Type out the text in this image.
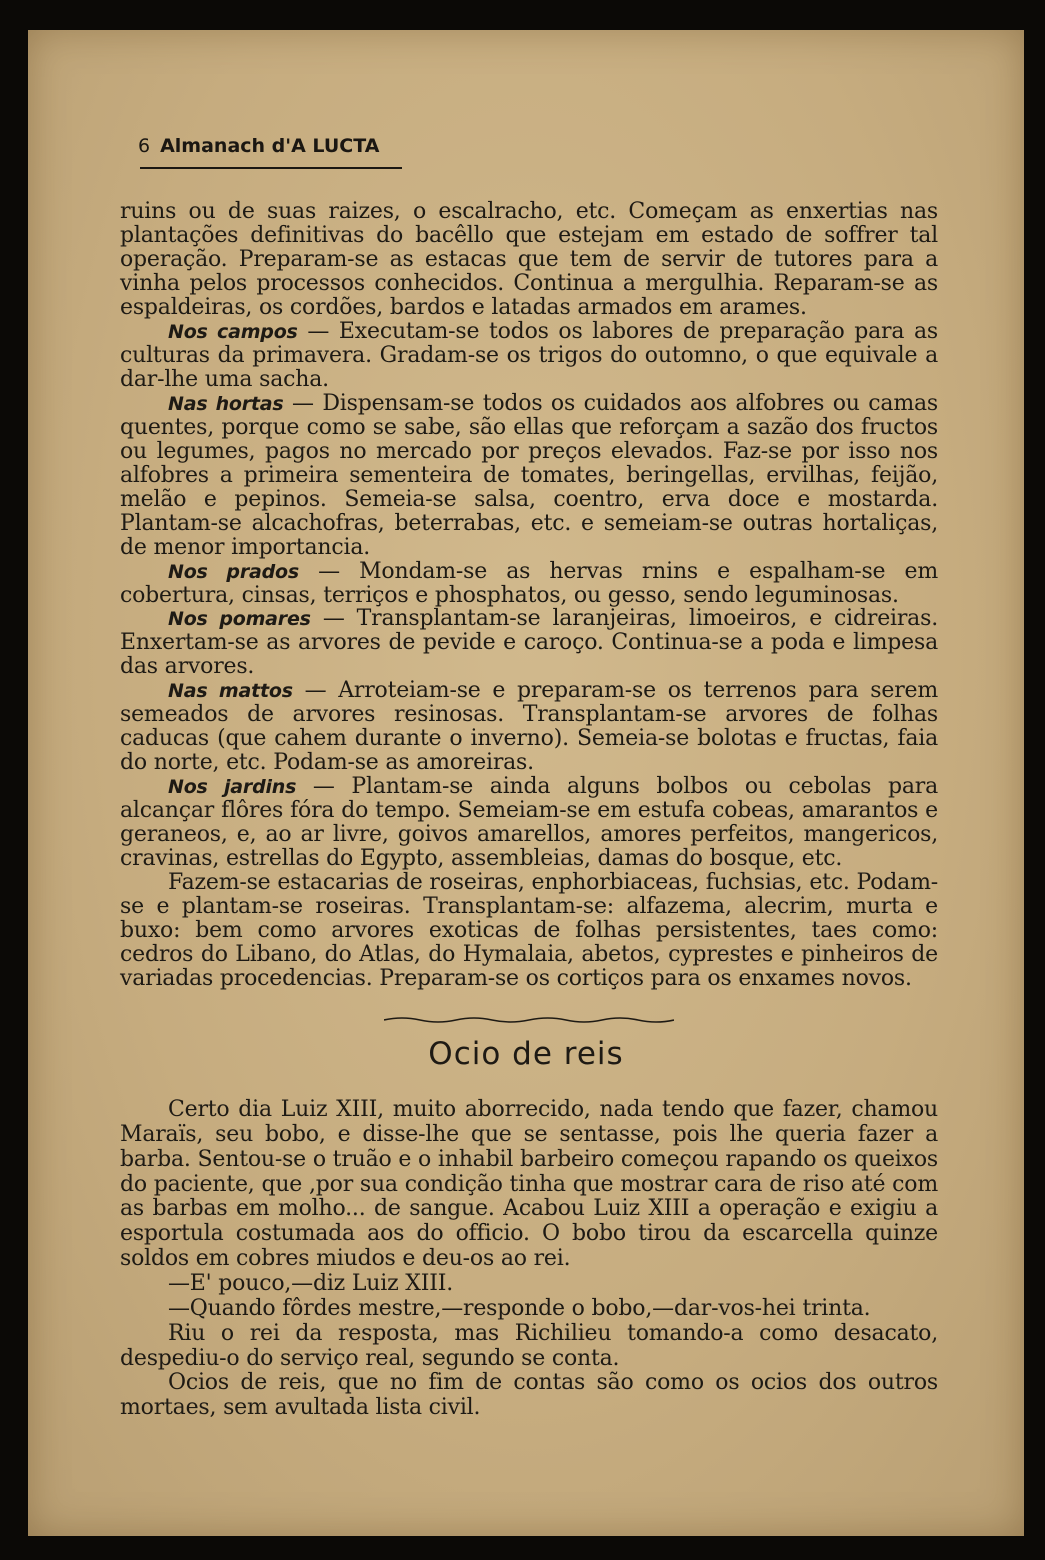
6 Almanach d'A LUCTA

ruins ou de suas raizes, o escalracho, etc. Começam as enxertias nas plantações definitivas do bacêllo que estejam em estado de soffrer tal operação. Preparam-se as estacas que tem de servir de tutores para a vinha pelos processos conhecidos. Continua a mergulhia. Reparam-se as espaldeiras, os cordões, bardos e latadas armados em arames.

Nos campos — Executam-se todos os labores de preparação para as culturas da primavera. Gradam-se os trigos do outomno, o que equivale a dar-lhe uma sacha.

Nas hortas — Dispensam-se todos os cuidados aos alfobres ou camas quentes, porque como se sabe, são ellas que reforçam a sazão dos fructos ou legumes, pagos no mercado por preços elevados. Faz-se por isso nos alfobres a primeira sementeira de tomates, beringellas, ervilhas, feijão, melão e pepinos. Semeia-se salsa, coentro, erva doce e mostarda. Plantam-se alcachofras, beterrabas, etc. e semeiam-se outras hortaliças, de menor importancia.

Nos prados — Mondam-se as hervas rnins e espalham-se em cobertura, cinsas, terriços e phosphatos, ou gesso, sendo leguminosas.

Nos pomares — Transplantam-se laranjeiras, limoeiros, e cidreiras. Enxertam-se as arvores de pevide e caroço. Continua-se a poda e limpesa das arvores.

Nas mattos — Arroteiam-se e preparam-se os terrenos para serem semeados de arvores resinosas. Transplantam-se arvores de folhas caducas (que cahem durante o inverno). Semeia-se bolotas e fructas, faia do norte, etc. Podam-se as amoreiras.

Nos jardins — Plantam-se ainda alguns bolbos ou cebolas para alcançar flôres fóra do tempo. Semeiam-se em estufa cobeas, amarantos e geraneos, e, ao ar livre, goivos amarellos, amores perfeitos, mangericos, cravinas, estrellas do Egypto, assembleias, damas do bosque, etc.

Fazem-se estacarias de roseiras, enphorbiaceas, fuchsias, etc. Podam-se e plantam-se roseiras. Transplantam-se: alfazema, alecrim, murta e buxo: bem como arvores exoticas de folhas persistentes, taes como: cedros do Libano, do Atlas, do Hymalaia, abetos, cyprestes e pinheiros de variadas procedencias. Preparam-se os cortiços para os enxames novos.

Ocio de reis

Certo dia Luiz XIII, muito aborrecido, nada tendo que fazer, chamou Maraïs, seu bobo, e disse-lhe que se sentasse, pois lhe queria fazer a barba. Sentou-se o truão e o inhabil barbeiro começou rapando os queixos do paciente, que ,por sua condição tinha que mostrar cara de riso até com as barbas em molho... de sangue. Acabou Luiz XIII a operação e exigiu a esportula costumada aos do officio. O bobo tirou da escarcella quinze soldos em cobres miudos e deu-os ao rei.

—E' pouco,—diz Luiz XIII.

—Quando fôrdes mestre,—responde o bobo,—dar-vos-hei trinta.

Riu o rei da resposta, mas Richilieu tomando-a como desacato, despediu-o do serviço real, segundo se conta.

Ocios de reis, que no fim de contas são como os ocios dos outros mortaes, sem avultada lista civil.
